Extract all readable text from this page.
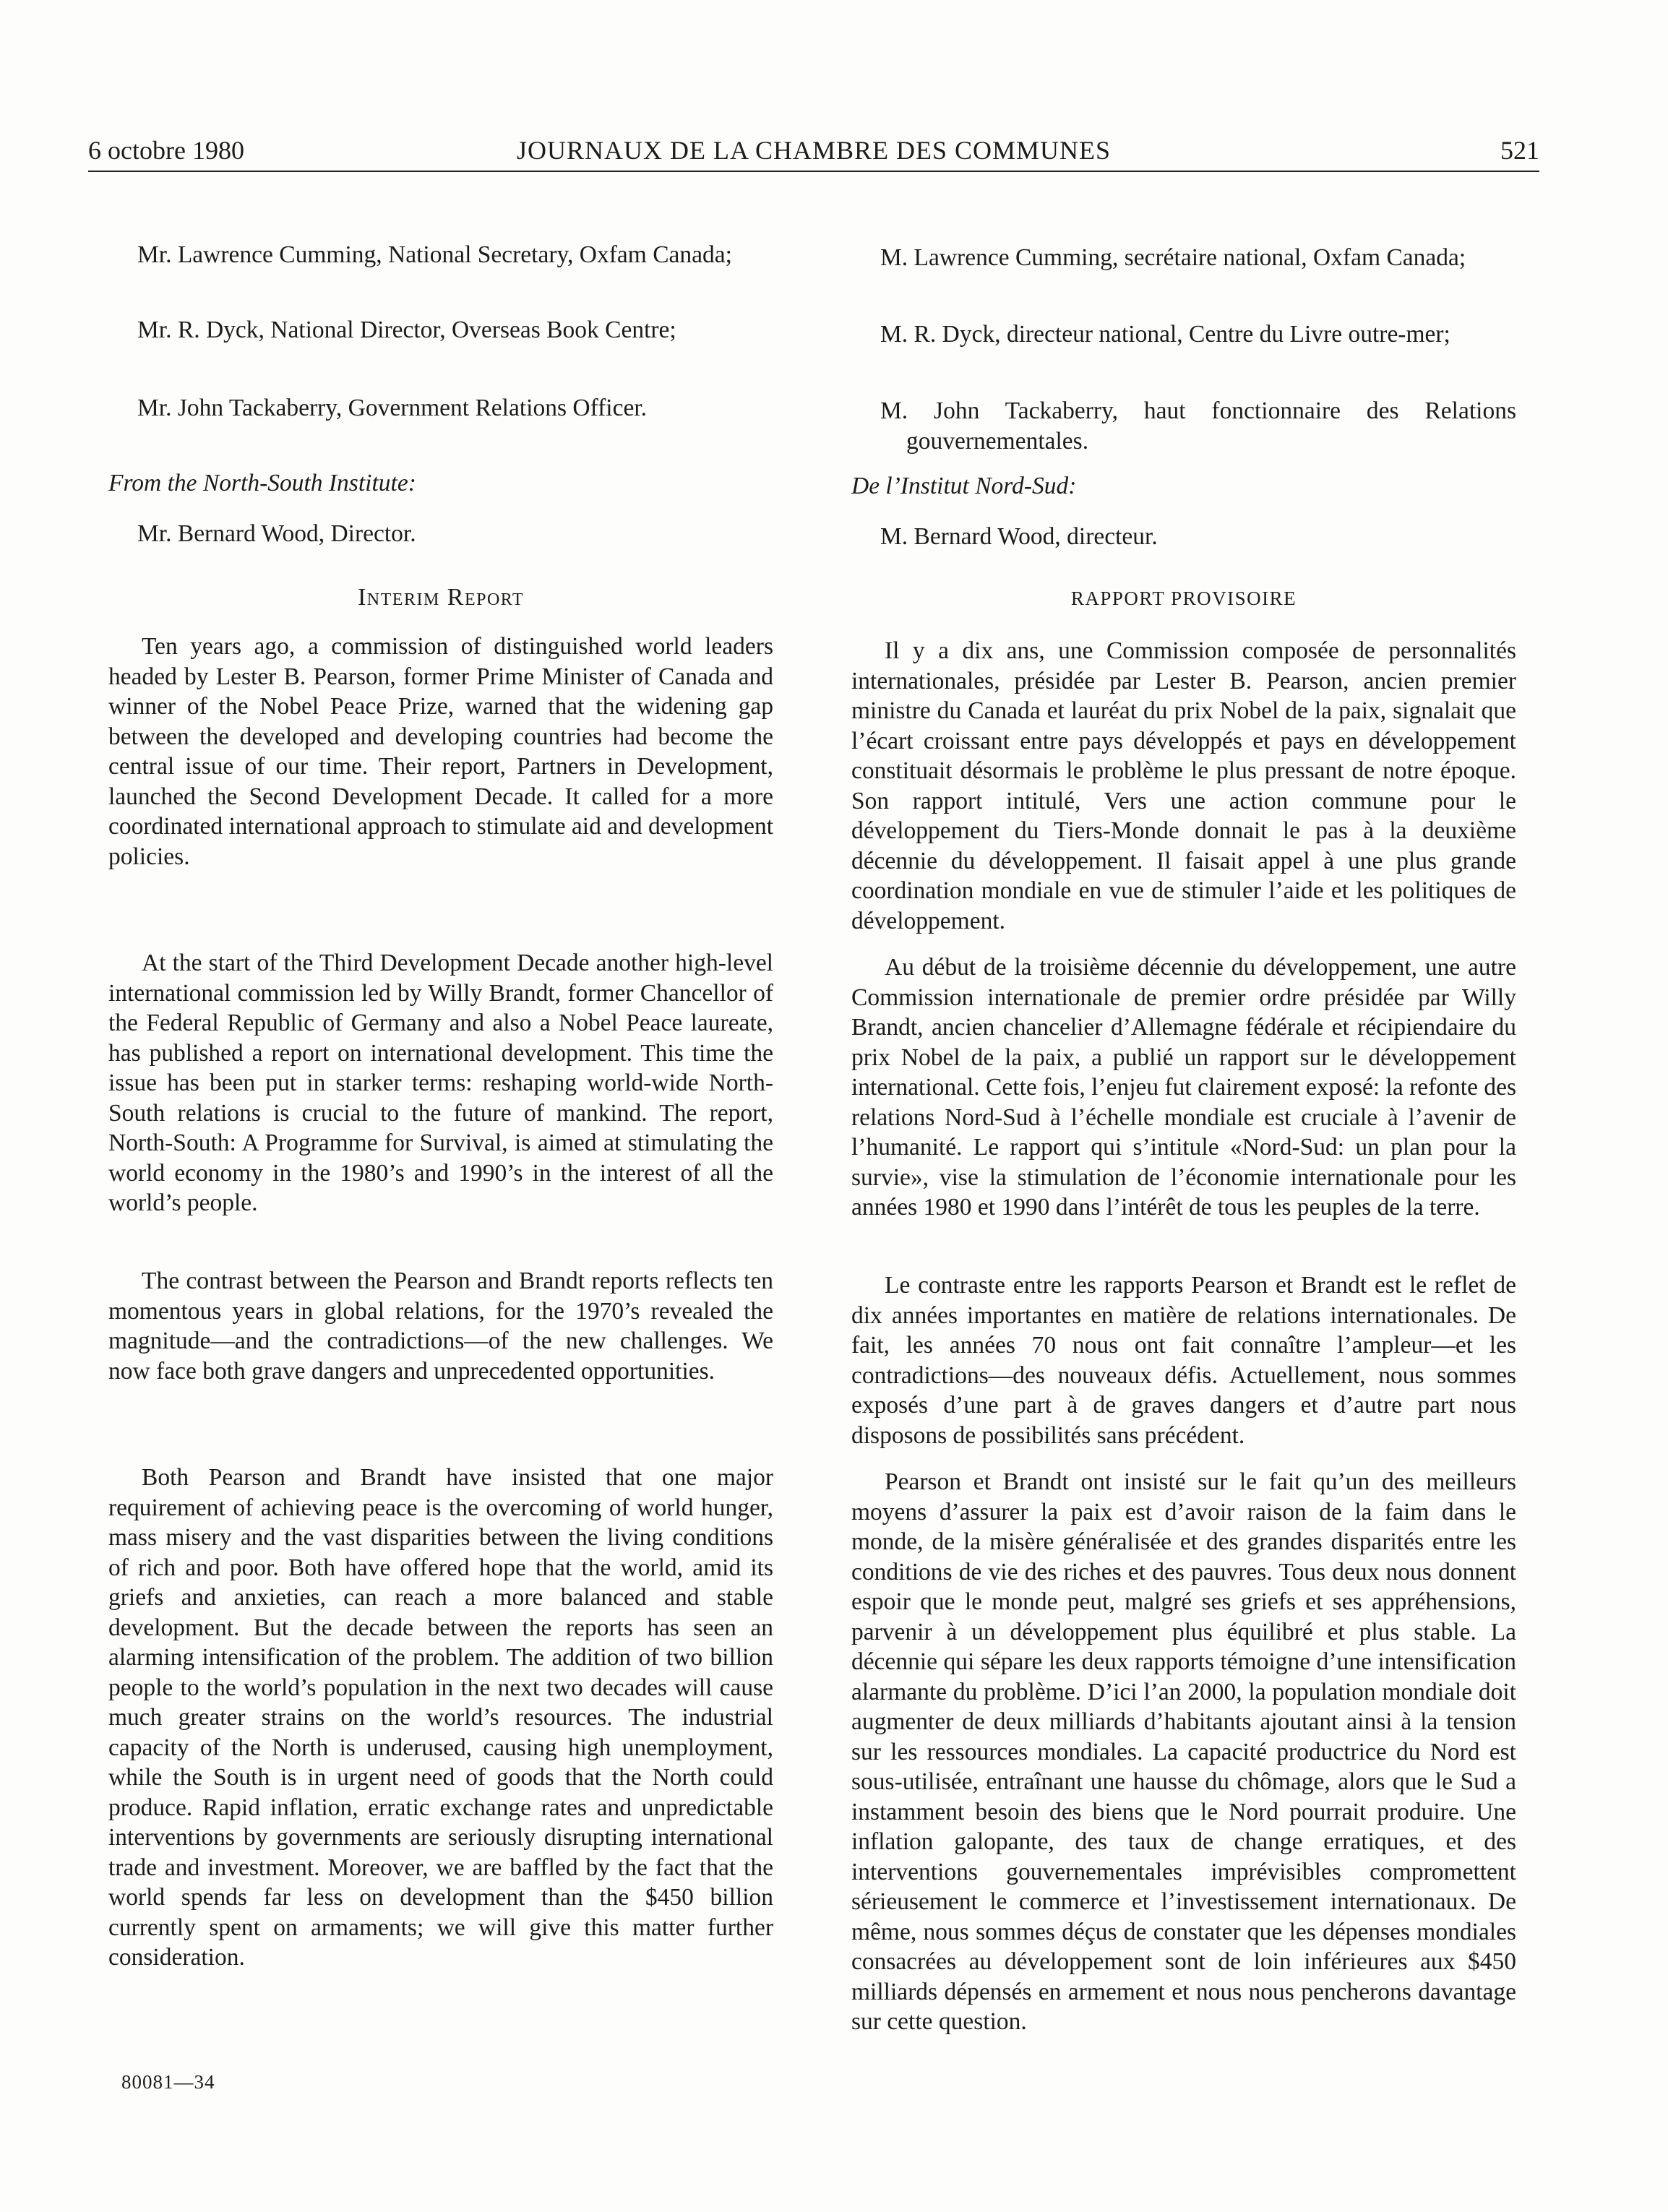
6 octobre 1980	JOURNAUX DE LA CHAMBRE DES COMMUNES	521

Mr. Lawrence Cumming, National Secretary, Oxfam Canada;

Mr. R. Dyck, National Director, Overseas Book Centre;

Mr. John Tackaberry, Government Relations Officer.

From the North-South Institute:

Mr. Bernard Wood, Director.

Interim Report

Ten years ago, a commission of distinguished world leaders headed by Lester B. Pearson, former Prime Minister of Canada and winner of the Nobel Peace Prize, warned that the widening gap between the developed and developing countries had become the central issue of our time. Their report, Partners in Development, launched the Second Development Decade. It called for a more coordinated international approach to stimulate aid and development policies.

At the start of the Third Development Decade another high-level international commission led by Willy Brandt, former Chancellor of the Federal Republic of Germany and also a Nobel Peace laureate, has published a report on international development. This time the issue has been put in starker terms: reshaping world-wide North-South relations is crucial to the future of mankind. The report, North-South: A Programme for Survival, is aimed at stimulating the world economy in the 1980’s and 1990’s in the interest of all the world’s people.

The contrast between the Pearson and Brandt reports reflects ten momentous years in global relations, for the 1970’s revealed the magnitude—and the contradictions—of the new challenges. We now face both grave dangers and unprecedented opportunities.

Both Pearson and Brandt have insisted that one major requirement of achieving peace is the overcoming of world hunger, mass misery and the vast disparities between the living conditions of rich and poor. Both have offered hope that the world, amid its griefs and anxieties, can reach a more balanced and stable development. But the decade between the reports has seen an alarming intensification of the problem. The addition of two billion people to the world’s population in the next two decades will cause much greater strains on the world’s resources. The industrial capacity of the North is underused, causing high unemployment, while the South is in urgent need of goods that the North could produce. Rapid inflation, erratic exchange rates and unpredictable interventions by governments are seriously disrupting international trade and investment. Moreover, we are baffled by the fact that the world spends far less on development than the $450 billion currently spent on armaments; we will give this matter further consideration.

M. Lawrence Cumming, secrétaire national, Oxfam Canada;

M. R. Dyck, directeur national, Centre du Livre outre-mer;

M. John Tackaberry, haut fonctionnaire des Relations gouvernementales.

De l’Institut Nord-Sud:

M. Bernard Wood, directeur.

RAPPORT PROVISOIRE

Il y a dix ans, une Commission composée de personnalités internationales, présidée par Lester B. Pearson, ancien premier ministre du Canada et lauréat du prix Nobel de la paix, signalait que l’écart croissant entre pays développés et pays en développement constituait désormais le problème le plus pressant de notre époque. Son rapport intitulé, Vers une action commune pour le développement du Tiers-Monde donnait le pas à la deuxième décennie du développement. Il faisait appel à une plus grande coordination mondiale en vue de stimuler l’aide et les politiques de développement.

Au début de la troisième décennie du développement, une autre Commission internationale de premier ordre présidée par Willy Brandt, ancien chancelier d’Allemagne fédérale et récipiendaire du prix Nobel de la paix, a publié un rapport sur le développement international. Cette fois, l’enjeu fut clairement exposé: la refonte des relations Nord-Sud à l’échelle mondiale est cruciale à l’avenir de l’humanité. Le rapport qui s’intitule «Nord-Sud: un plan pour la survie», vise la stimulation de l’économie internationale pour les années 1980 et 1990 dans l’intérêt de tous les peuples de la terre.

Le contraste entre les rapports Pearson et Brandt est le reflet de dix années importantes en matière de relations internationales. De fait, les années 70 nous ont fait connaître l’ampleur—et les contradictions—des nouveaux défis. Actuellement, nous sommes exposés d’une part à de graves dangers et d’autre part nous disposons de possibilités sans précédent.

Pearson et Brandt ont insisté sur le fait qu’un des meilleurs moyens d’assurer la paix est d’avoir raison de la faim dans le monde, de la misère généralisée et des grandes disparités entre les conditions de vie des riches et des pauvres. Tous deux nous donnent espoir que le monde peut, malgré ses griefs et ses appréhensions, parvenir à un développement plus équilibré et plus stable. La décennie qui sépare les deux rapports témoigne d’une intensification alarmante du problème. D’ici l’an 2000, la population mondiale doit augmenter de deux milliards d’habitants ajoutant ainsi à la tension sur les ressources mondiales. La capacité productrice du Nord est sous-utilisée, entraînant une hausse du chômage, alors que le Sud a instamment besoin des biens que le Nord pourrait produire. Une inflation galopante, des taux de change erratiques, et des interventions gouvernementales imprévisibles compromettent sérieusement le commerce et l’investissement internationaux. De même, nous sommes déçus de constater que les dépenses mondiales consacrées au développement sont de loin inférieures aux $450 milliards dépensés en armement et nous nous pencherons davantage sur cette question.

80081—34
